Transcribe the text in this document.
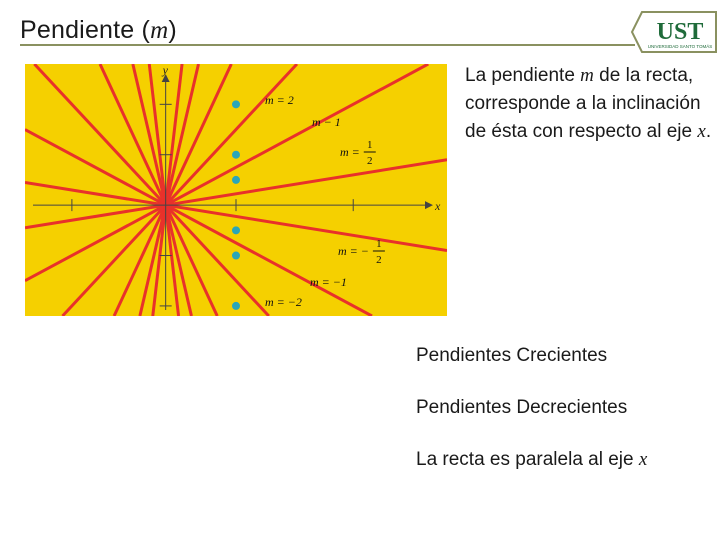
Pendiente (m)	UST
UNIVERSIDAD SANTO TOMÁS
x
y
m = 2
m − 1
m = 1
2
m = − 1
2
m = −1
m = −2
La pendiente m de la recta, corresponde a la inclinación de ésta con respecto al eje x.
Pendientes Crecientes
Pendientes Decrecientes
La recta es paralela al eje x
